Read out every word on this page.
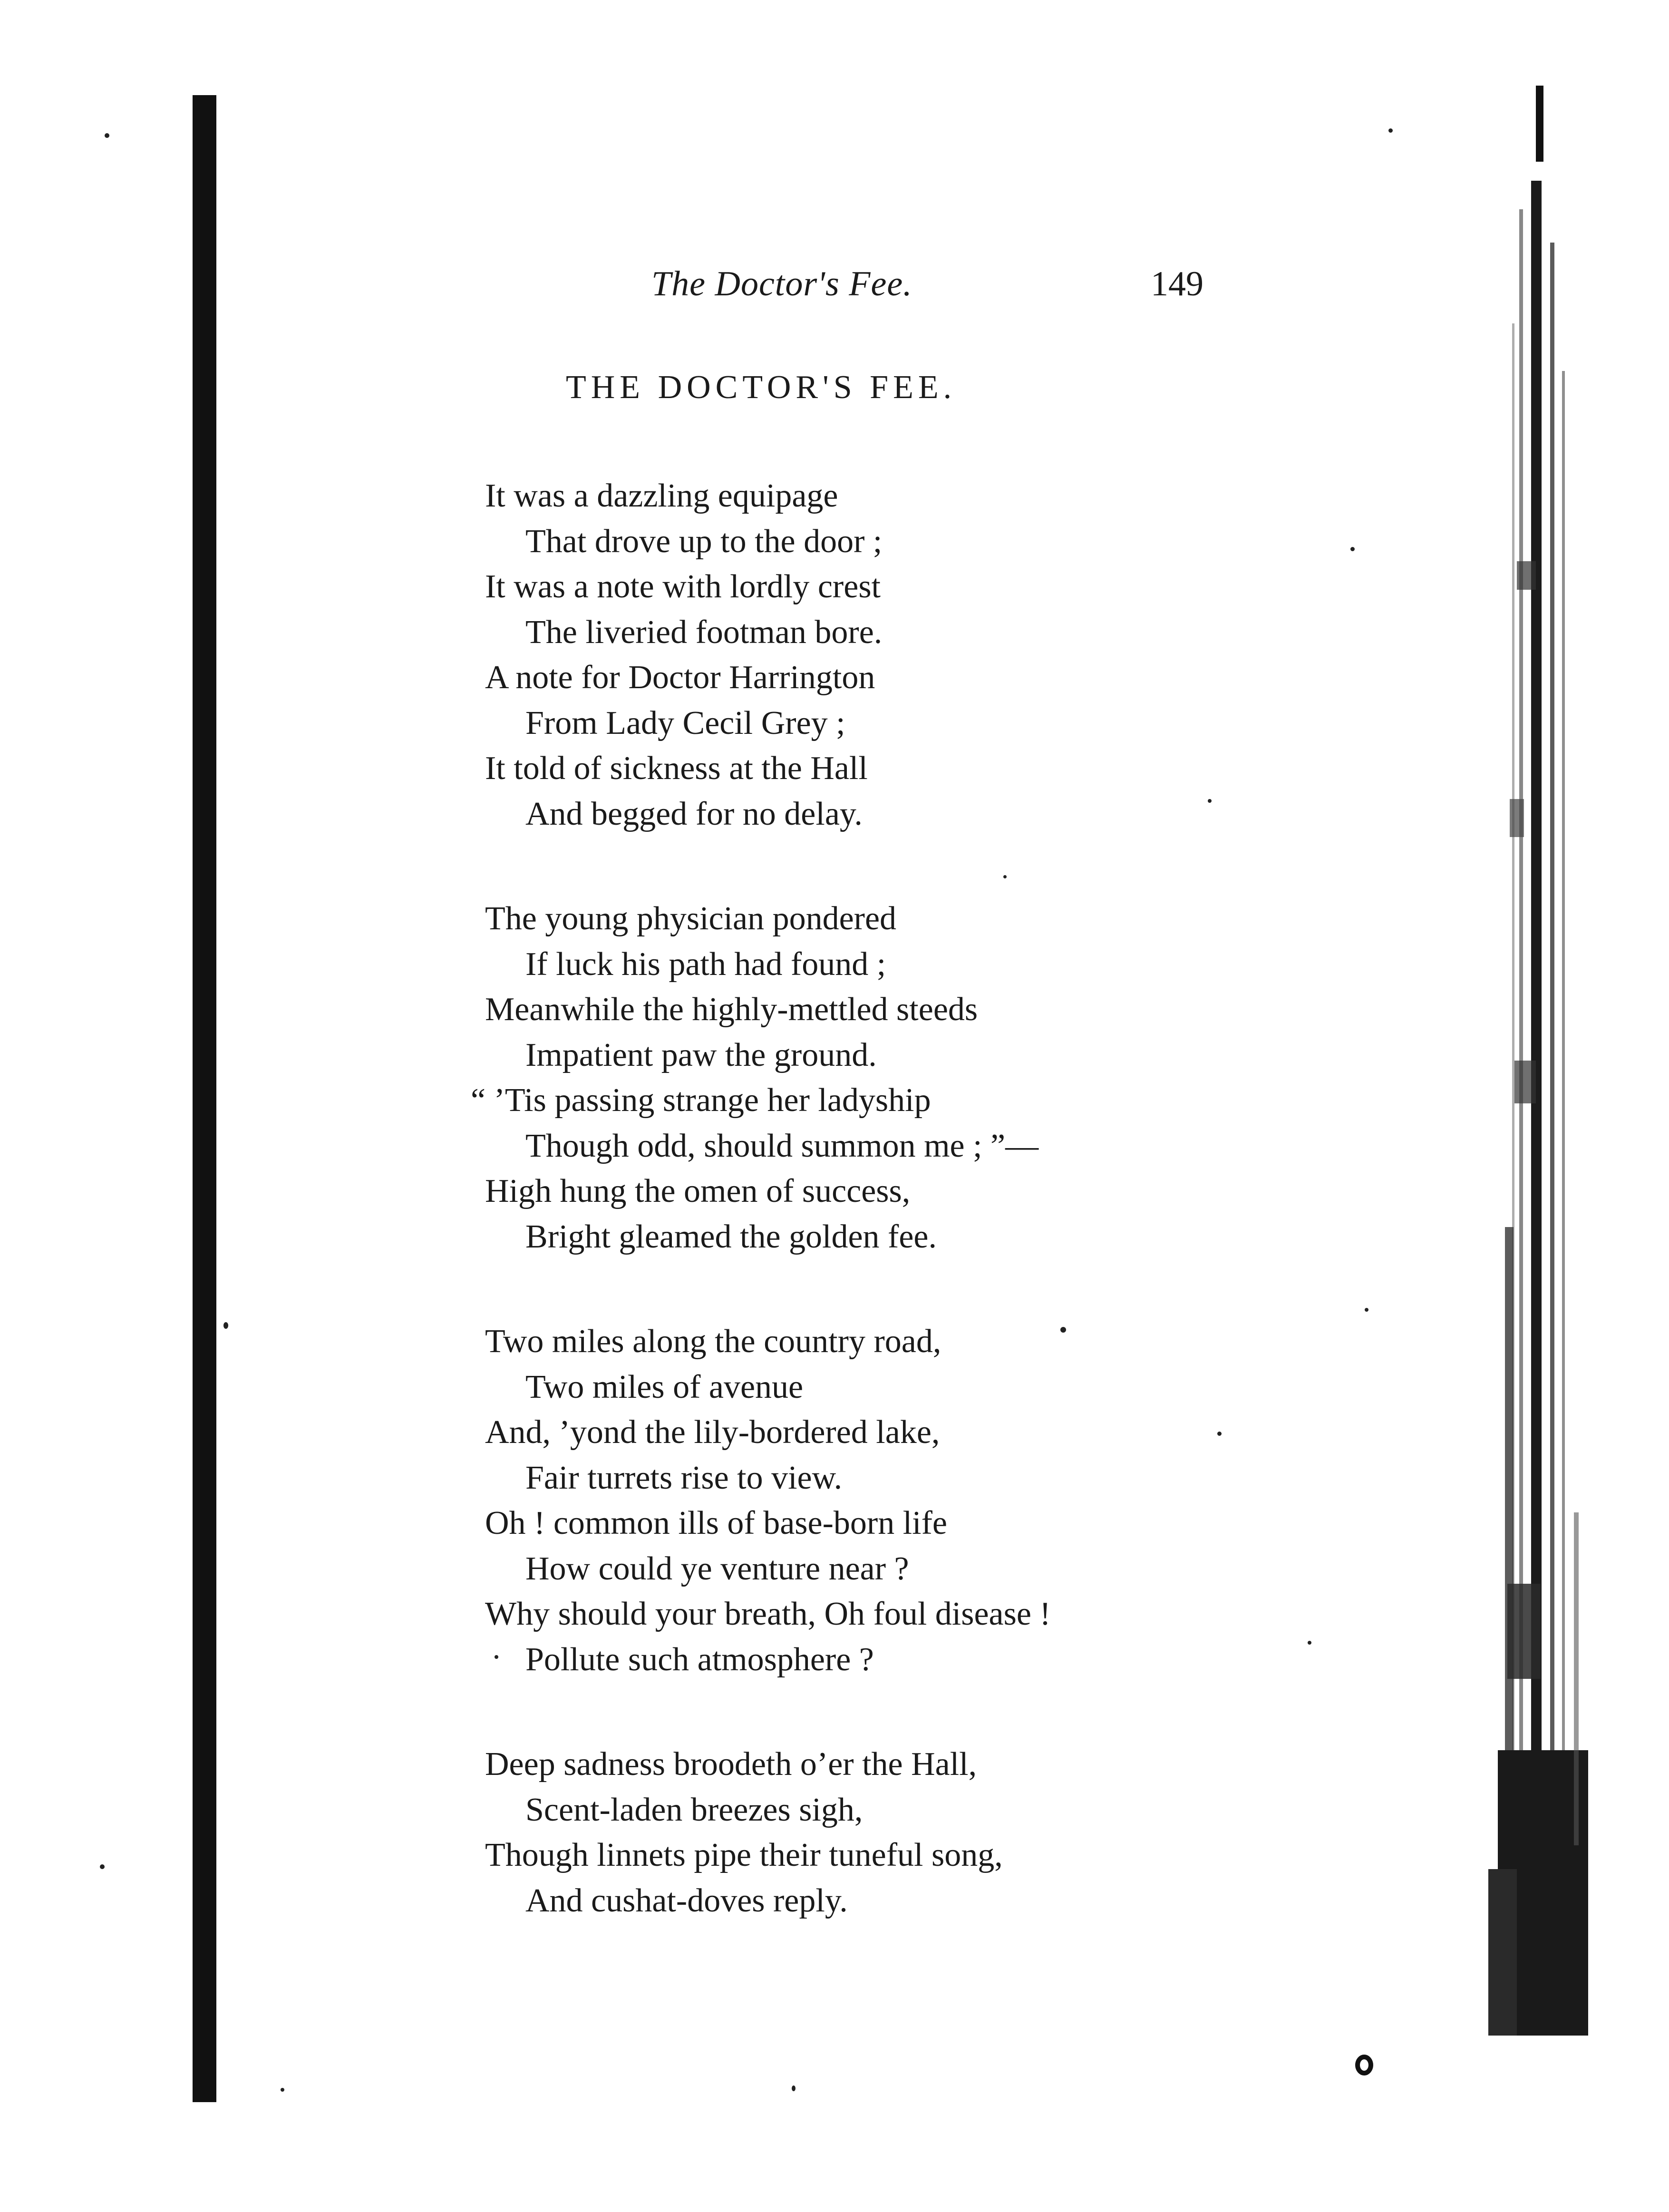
The Doctor's Fee.	149
THE DOCTOR'S FEE.
It was a dazzling equipage
That drove up to the door ;
It was a note with lordly crest
The liveried footman bore.
A note for Doctor Harrington
From Lady Cecil Grey ;
It told of sickness at the Hall
And begged for no delay.
The young physician pondered
If luck his path had found ;
Meanwhile the highly-mettled steeds
Impatient paw the ground.
“ ’Tis passing strange her ladyship
Though odd, should summon me ; ”—
High hung the omen of success,
Bright gleamed the golden fee.
Two miles along the country road,
Two miles of avenue
And, ’yond the lily-bordered lake,
Fair turrets rise to view.
Oh ! common ills of base-born life
How could ye venture near ?
Why should your breath, Oh foul disease !
Pollute such atmosphere ?
Deep sadness broodeth o’er the Hall,
Scent-laden breezes sigh,
Though linnets pipe their tuneful song,
And cushat-doves reply.
